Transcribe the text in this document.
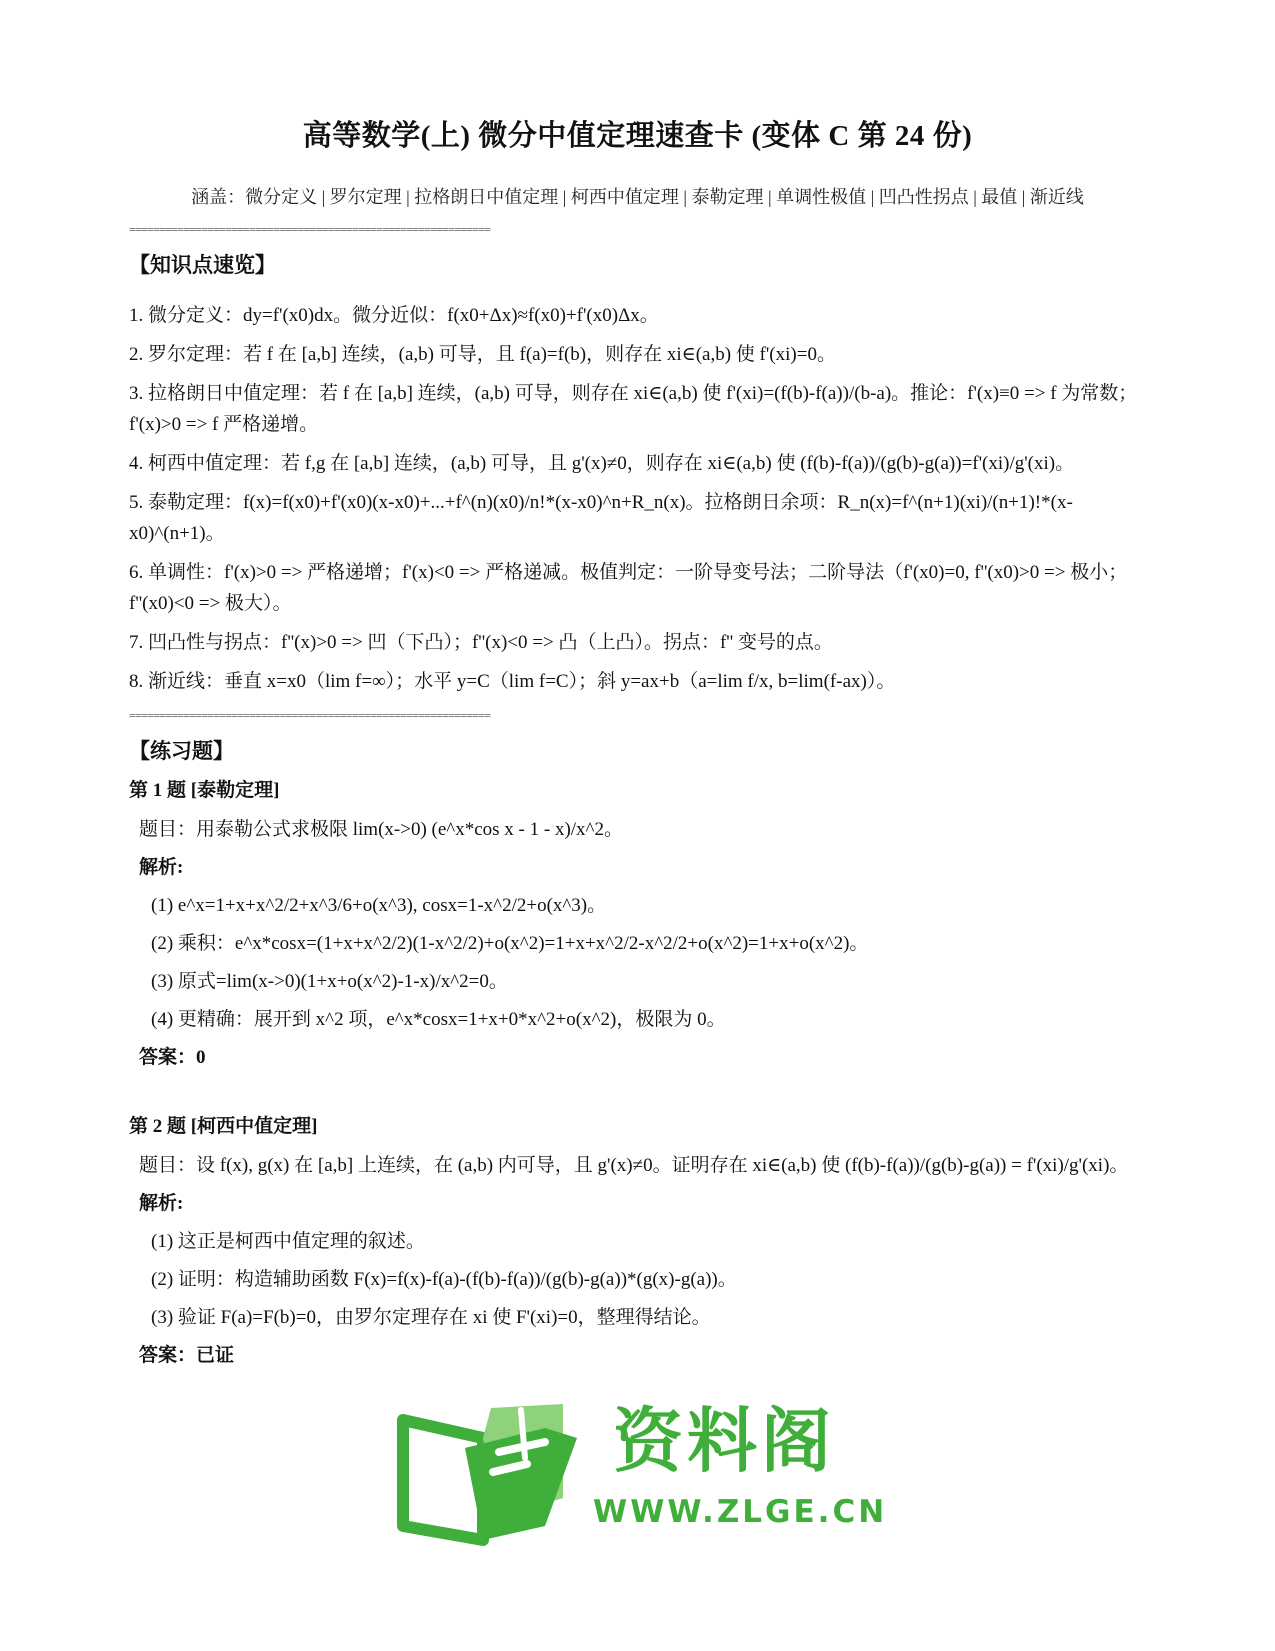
高等数学(上) 微分中值定理速查卡 (变体 C 第 24 份)
涵盖：微分定义 | 罗尔定理 | 拉格朗日中值定理 | 柯西中值定理 | 泰勒定理 | 单调性极值 | 凹凸性拐点 | 最值 | 渐近线
============================================================
【知识点速览】
1. 微分定义：dy=f'(x0)dx。微分近似：f(x0+Δx)≈f(x0)+f'(x0)Δx。
2. 罗尔定理：若 f 在 [a,b] 连续，(a,b) 可导，且 f(a)=f(b)，则存在 xi∈(a,b) 使 f'(xi)=0。
3. 拉格朗日中值定理：若 f 在 [a,b] 连续，(a,b) 可导，则存在 xi∈(a,b) 使 f'(xi)=(f(b)-f(a))/(b-a)。推论：f'(x)≡0 => f 为常数；f'(x)>0 => f 严格递增。
4. 柯西中值定理：若 f,g 在 [a,b] 连续，(a,b) 可导，且 g'(x)≠0，则存在 xi∈(a,b) 使 (f(b)-f(a))/(g(b)-g(a))=f'(xi)/g'(xi)。
5. 泰勒定理：f(x)=f(x0)+f'(x0)(x-x0)+...+f^(n)(x0)/n!*(x-x0)^n+R_n(x)。拉格朗日余项：R_n(x)=f^(n+1)(xi)/(n+1)!*(x-x0)^(n+1)。
6. 单调性：f'(x)>0 => 严格递增；f'(x)<0 => 严格递减。极值判定：一阶导变号法；二阶导法（f'(x0)=0, f''(x0)>0 => 极小；f''(x0)<0 => 极大）。
7. 凹凸性与拐点：f''(x)>0 => 凹（下凸）；f''(x)<0 => 凸（上凸）。拐点：f'' 变号的点。
8. 渐近线：垂直 x=x0（lim f=∞）；水平 y=C（lim f=C）；斜 y=ax+b（a=lim f/x, b=lim(f-ax)）。
============================================================
【练习题】
第 1 题 [泰勒定理]
题目：用泰勒公式求极限 lim(x->0) (e^x*cos x - 1 - x)/x^2。
解析:
(1) e^x=1+x+x^2/2+x^3/6+o(x^3), cosx=1-x^2/2+o(x^3)。
(2) 乘积：e^x*cosx=(1+x+x^2/2)(1-x^2/2)+o(x^2)=1+x+x^2/2-x^2/2+o(x^2)=1+x+o(x^2)。
(3) 原式=lim(x->0)(1+x+o(x^2)-1-x)/x^2=0。
(4) 更精确：展开到 x^2 项，e^x*cosx=1+x+0*x^2+o(x^2)，极限为 0。
答案：0
第 2 题 [柯西中值定理]
题目：设 f(x), g(x) 在 [a,b] 上连续，在 (a,b) 内可导，且 g'(x)≠0。证明存在 xi∈(a,b) 使 (f(b)-f(a))/(g(b)-g(a)) = f'(xi)/g'(xi)。
解析:
(1) 这正是柯西中值定理的叙述。
(2) 证明：构造辅助函数 F(x)=f(x)-f(a)-(f(b)-f(a))/(g(b)-g(a))*(g(x)-g(a))。
(3) 验证 F(a)=F(b)=0，由罗尔定理存在 xi 使 F'(xi)=0，整理得结论。
答案：已证
资料阁
WWW.ZLGE.CN
